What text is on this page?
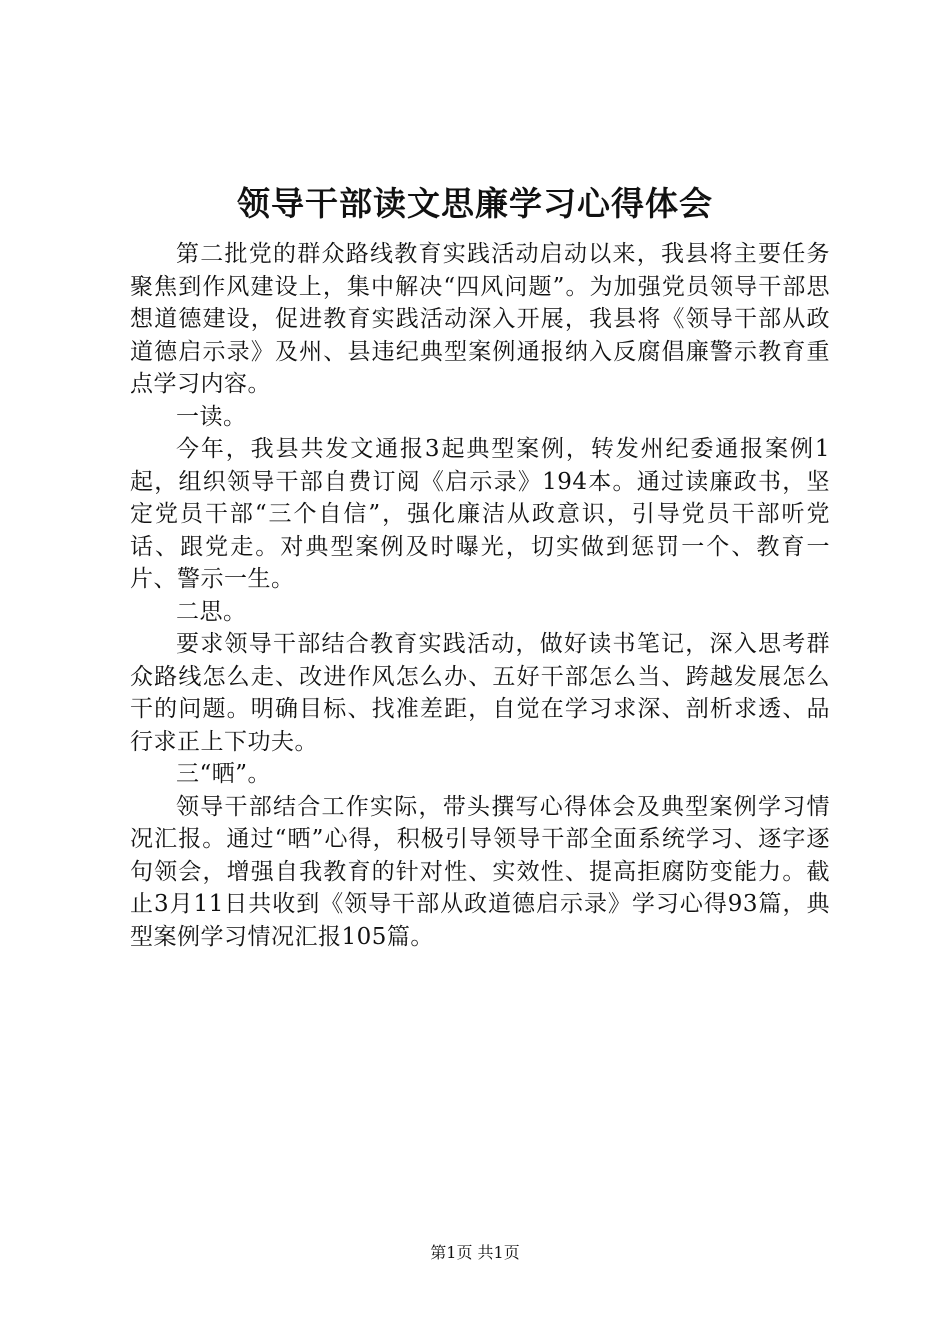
领导干部读文思廉学习心得体会

第二批党的群众路线教育实践活动启动以来，我县将主要任务聚焦到作风建设上，集中解决“四风问题”。为加强党员领导干部思想道德建设，促进教育实践活动深入开展，我县将《领导干部从政道德启示录》及州、县违纪典型案例通报纳入反腐倡廉警示教育重点学习内容。

一读。

今年，我县共发文通报3起典型案例，转发州纪委通报案例1起，组织领导干部自费订阅《启示录》194本。通过读廉政书，坚定党员干部“三个自信”，强化廉洁从政意识，引导党员干部听党话、跟党走。对典型案例及时曝光，切实做到惩罚一个、教育一片、警示一生。

二思。

要求领导干部结合教育实践活动，做好读书笔记，深入思考群众路线怎么走、改进作风怎么办、五好干部怎么当、跨越发展怎么干的问题。明确目标、找准差距，自觉在学习求深、剖析求透、品行求正上下功夫。

三“晒”。

领导干部结合工作实际，带头撰写心得体会及典型案例学习情况汇报。通过“晒”心得，积极引导领导干部全面系统学习、逐字逐句领会，增强自我教育的针对性、实效性、提高拒腐防变能力。截止3月11日共收到《领导干部从政道德启示录》学习心得93篇，典型案例学习情况汇报105篇。

第1页 共1页
